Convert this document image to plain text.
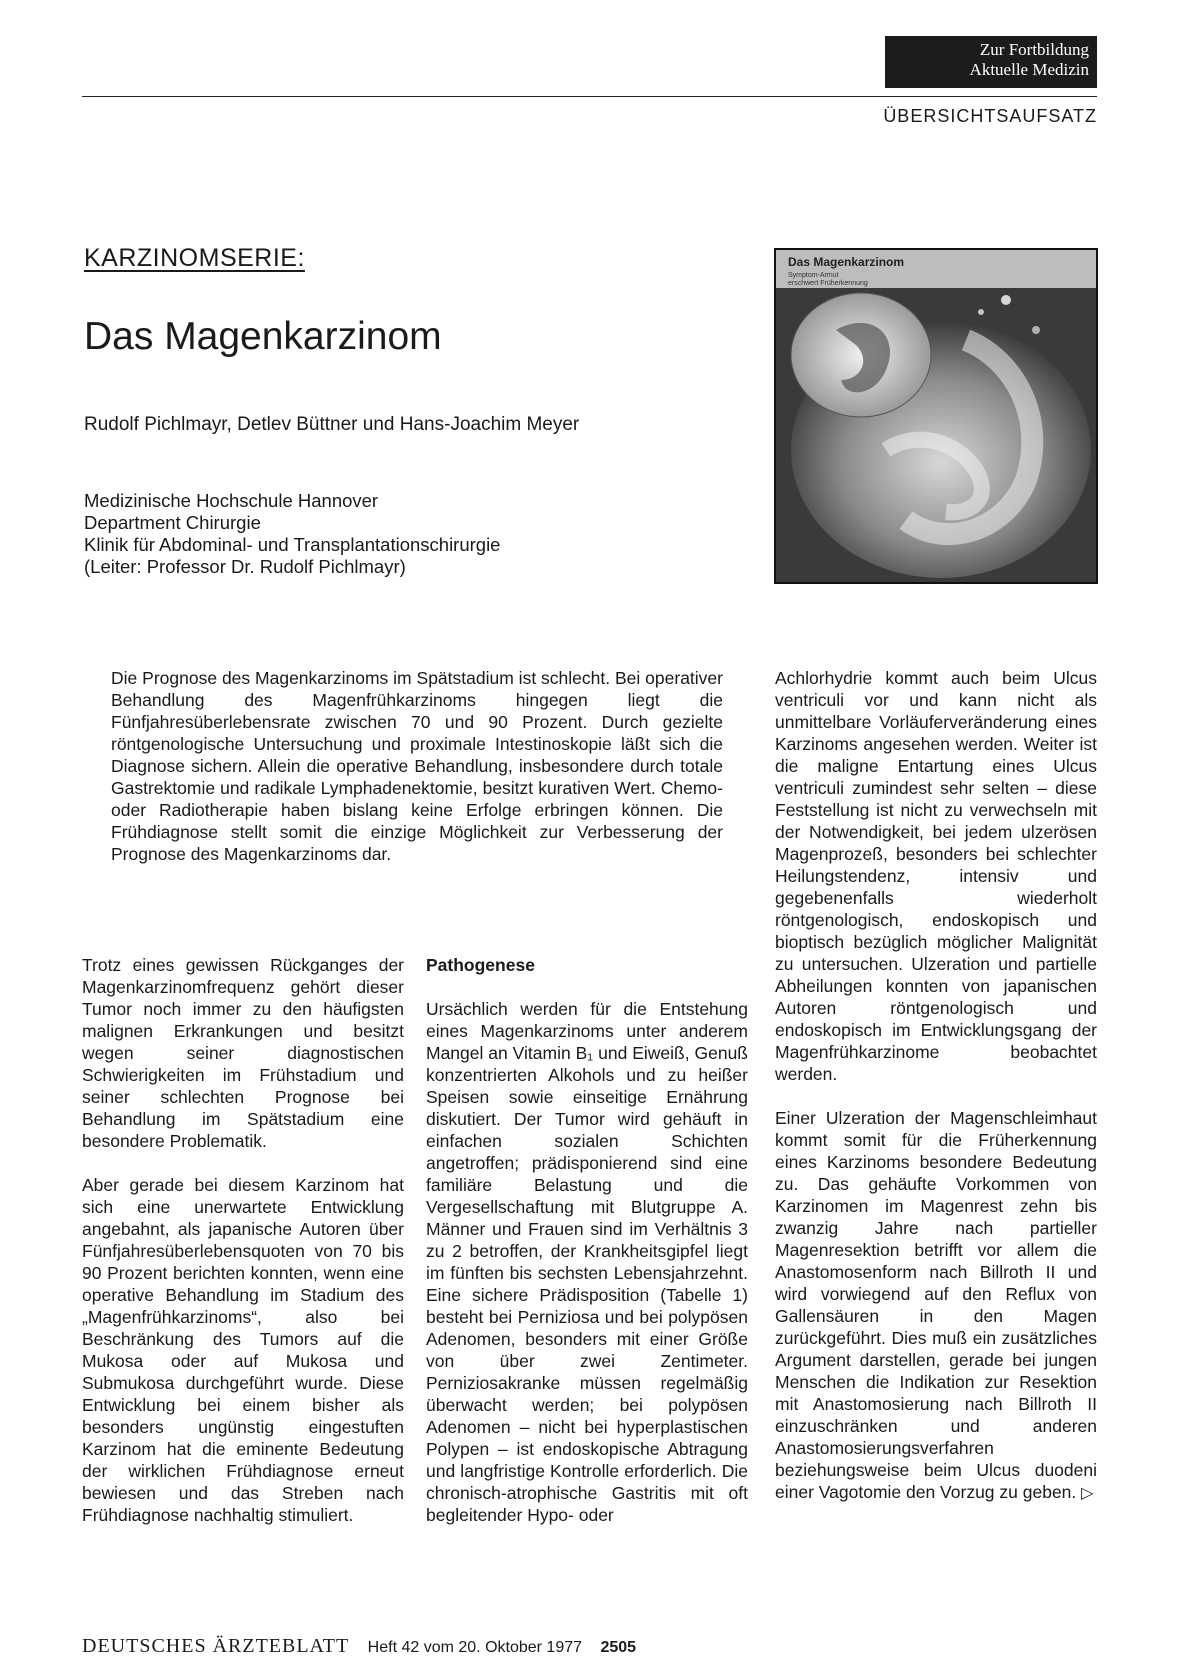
Zur Fortbildung
Aktuelle Medizin
ÜBERSICHTSAUFSATZ
KARZINOMSERIE:
Das Magenkarzinom
Rudolf Pichlmayr, Detlev Büttner und Hans-Joachim Meyer
Medizinische Hochschule Hannover
Department Chirurgie
Klinik für Abdominal- und Transplantationschirurgie
(Leiter: Professor Dr. Rudolf Pichlmayr)
Das Magenkarzinom
Symptom-Armut
erschwert Früherkennung
Die Prognose des Magenkarzinoms im Spätstadium ist schlecht. Bei operativer Behandlung des Magenfrühkarzinoms hingegen liegt die Fünfjahresüberlebensrate zwischen 70 und 90 Prozent. Durch gezielte röntgenologische Untersuchung und proximale Intestinoskopie läßt sich die Diagnose sichern. Allein die operative Behandlung, insbesondere durch totale Gastrektomie und radikale Lymphadenektomie, besitzt kurativen Wert. Chemo- oder Radiotherapie haben bislang keine Erfolge erbringen können. Die Frühdiagnose stellt somit die einzige Möglichkeit zur Verbesserung der Prognose des Magenkarzinoms dar.

Trotz eines gewissen Rückganges der Magenkarzinomfrequenz gehört dieser Tumor noch immer zu den häufigsten malignen Erkrankungen und besitzt wegen seiner diagnostischen Schwierigkeiten im Frühstadium und seiner schlechten Prognose bei Behandlung im Spätstadium eine besondere Problematik.

Aber gerade bei diesem Karzinom hat sich eine unerwartete Entwicklung angebahnt, als japanische Autoren über Fünfjahresüberlebensquoten von 70 bis 90 Prozent berichten konnten, wenn eine operative Behandlung im Stadium des „Magenfrühkarzinoms“, also bei Beschränkung des Tumors auf die Mukosa oder auf Mukosa und Submukosa durchgeführt wurde. Diese Entwicklung bei einem bisher als besonders ungünstig eingestuften Karzinom hat die eminente Bedeutung der wirklichen Frühdiagnose erneut bewiesen und das Streben nach Frühdiagnose nachhaltig stimuliert.

Pathogenese

Ursächlich werden für die Entstehung eines Magenkarzinoms unter anderem Mangel an Vitamin B₁ und Eiweiß, Genuß konzentrierten Alkohols und zu heißer Speisen sowie einseitige Ernährung diskutiert. Der Tumor wird gehäuft in einfachen sozialen Schichten angetroffen; prädisponierend sind eine familiäre Belastung und die Vergesellschaftung mit Blutgruppe A. Männer und Frauen sind im Verhältnis 3 zu 2 betroffen, der Krankheitsgipfel liegt im fünften bis sechsten Lebensjahrzehnt. Eine sichere Prädisposition (Tabelle 1) besteht bei Perniziosa und bei polypösen Adenomen, besonders mit einer Größe von über zwei Zentimeter. Perniziosakranke müssen regelmäßig überwacht werden; bei polypösen Adenomen – nicht bei hyperplastischen Polypen – ist endoskopische Abtragung und langfristige Kontrolle erforderlich. Die chronisch-atrophische Gastritis mit oft begleitender Hypo- oder

Achlorhydrie kommt auch beim Ulcus ventriculi vor und kann nicht als unmittelbare Vorläuferveränderung eines Karzinoms angesehen werden. Weiter ist die maligne Entartung eines Ulcus ventriculi zumindest sehr selten – diese Feststellung ist nicht zu verwechseln mit der Notwendigkeit, bei jedem ulzerösen Magenprozeß, besonders bei schlechter Heilungstendenz, intensiv und gegebenenfalls wiederholt röntgenologisch, endoskopisch und bioptisch bezüglich möglicher Malignität zu untersuchen. Ulzeration und partielle Abheilungen konnten von japanischen Autoren röntgenologisch und endoskopisch im Entwicklungsgang der Magenfrühkarzinome beobachtet werden.

Einer Ulzeration der Magenschleimhaut kommt somit für die Früherkennung eines Karzinoms besondere Bedeutung zu. Das gehäufte Vorkommen von Karzinomen im Magenrest zehn bis zwanzig Jahre nach partieller Magenresektion betrifft vor allem die Anastomosenform nach Billroth II und wird vorwiegend auf den Reflux von Gallensäuren in den Magen zurückgeführt. Dies muß ein zusätzliches Argument darstellen, gerade bei jungen Menschen die Indikation zur Resektion mit Anastomosierung nach Billroth II einzuschränken und anderen Anastomosierungsverfahren beziehungsweise beim Ulcus duodeni einer Vagotomie den Vorzug zu geben. ▷

DEUTSCHES ÄRZTEBLATT Heft 42 vom 20. Oktober 1977 2505
